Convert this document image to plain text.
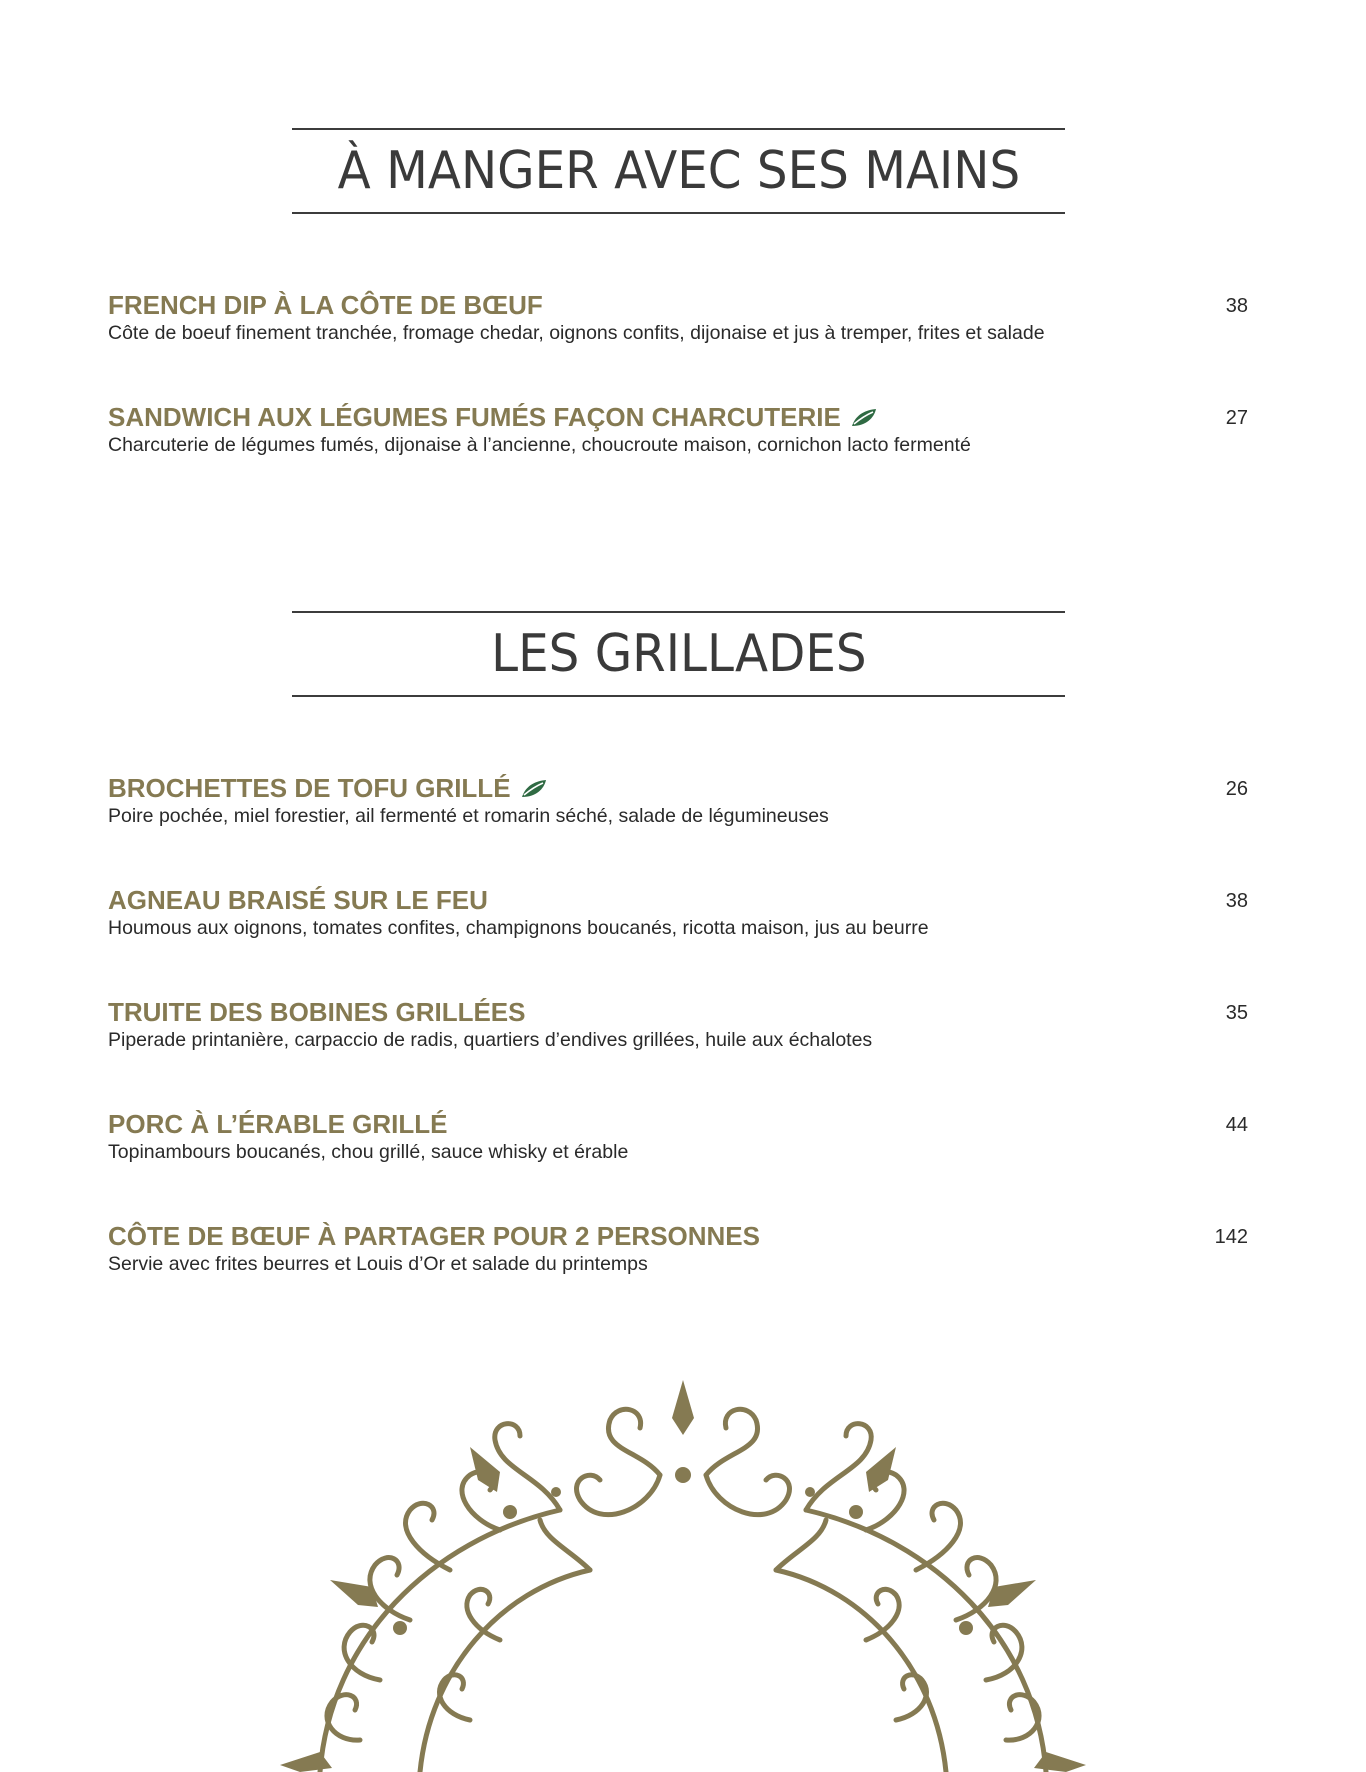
À MANGER AVEC SES MAINS
FRENCH DIP À LA CÔTE DE BŒUF
Côte de boeuf finement tranchée, fromage chedar, oignons confits, dijonaise et jus à tremper, frites et salade
38
SANDWICH AUX LÉGUMES FUMÉS FAÇON CHARCUTERIE
Charcuterie de légumes fumés, dijonaise à l’ancienne, choucroute maison, cornichon lacto fermenté
27
LES GRILLADES
BROCHETTES DE TOFU GRILLÉ
Poire pochée, miel forestier, ail fermenté et romarin séché, salade de légumineuses
26
AGNEAU BRAISÉ SUR LE FEU
Houmous aux oignons, tomates confites, champignons boucanés, ricotta maison, jus au beurre
38
TRUITE DES BOBINES GRILLÉES
Piperade printanière, carpaccio de radis, quartiers d’endives grillées, huile aux échalotes
35
PORC À L’ÉRABLE GRILLÉ
Topinambours boucanés, chou grillé, sauce whisky et érable
44
CÔTE DE BŒUF À PARTAGER POUR 2 PERSONNES
Servie avec frites beurres et Louis d’Or et salade du printemps
142
